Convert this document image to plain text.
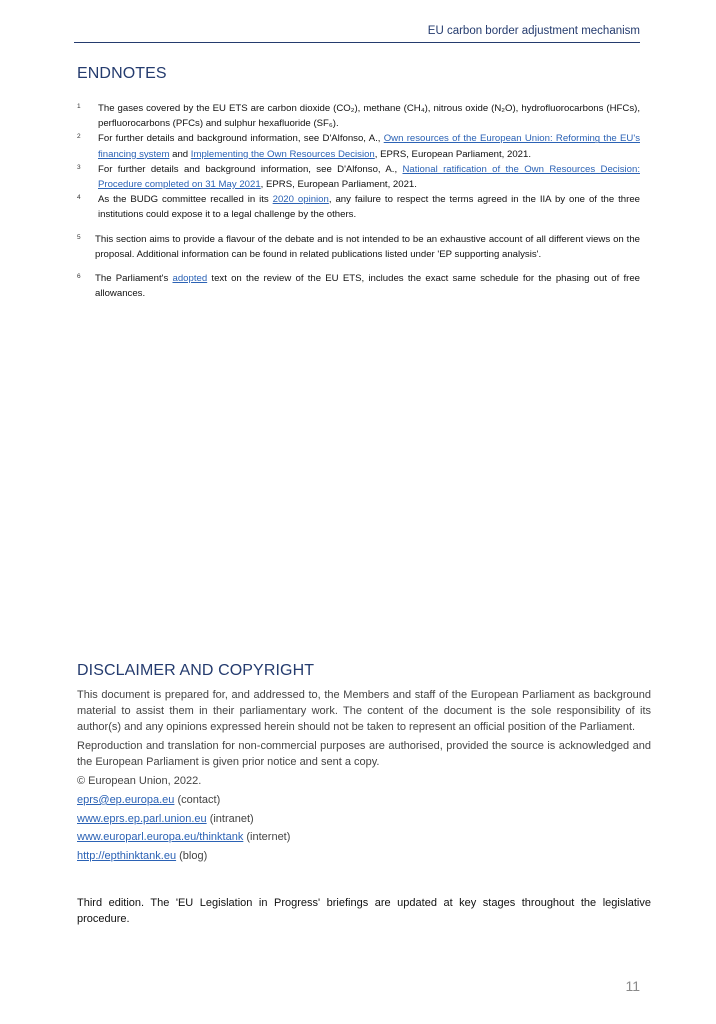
EU carbon border adjustment mechanism
ENDNOTES
1 The gases covered by the EU ETS are carbon dioxide (CO₂), methane (CH₄), nitrous oxide (N₂O), hydrofluorocarbons (HFCs), perfluorocarbons (PFCs) and sulphur hexafluoride (SF₆).
2 For further details and background information, see D'Alfonso, A., Own resources of the European Union: Reforming the EU's financing system and Implementing the Own Resources Decision, EPRS, European Parliament, 2021.
3 For further details and background information, see D'Alfonso, A., National ratification of the Own Resources Decision: Procedure completed on 31 May 2021, EPRS, European Parliament, 2021.
4 As the BUDG committee recalled in its 2020 opinion, any failure to respect the terms agreed in the IIA by one of the three institutions could expose it to a legal challenge by the others.
5 This section aims to provide a flavour of the debate and is not intended to be an exhaustive account of all different views on the proposal. Additional information can be found in related publications listed under 'EP supporting analysis'.
6 The Parliament's adopted text on the review of the EU ETS, includes the exact same schedule for the phasing out of free allowances.
DISCLAIMER AND COPYRIGHT

This document is prepared for, and addressed to, the Members and staff of the European Parliament as background material to assist them in their parliamentary work. The content of the document is the sole responsibility of its author(s) and any opinions expressed herein should not be taken to represent an official position of the Parliament.

Reproduction and translation for non-commercial purposes are authorised, provided the source is acknowledged and the European Parliament is given prior notice and sent a copy.

© European Union, 2022.

eprs@ep.europa.eu (contact)

www.eprs.ep.parl.union.eu (intranet)

www.europarl.europa.eu/thinktank (internet)

http://epthinktank.eu (blog)

Third edition. The 'EU Legislation in Progress' briefings are updated at key stages throughout the legislative procedure.
11
